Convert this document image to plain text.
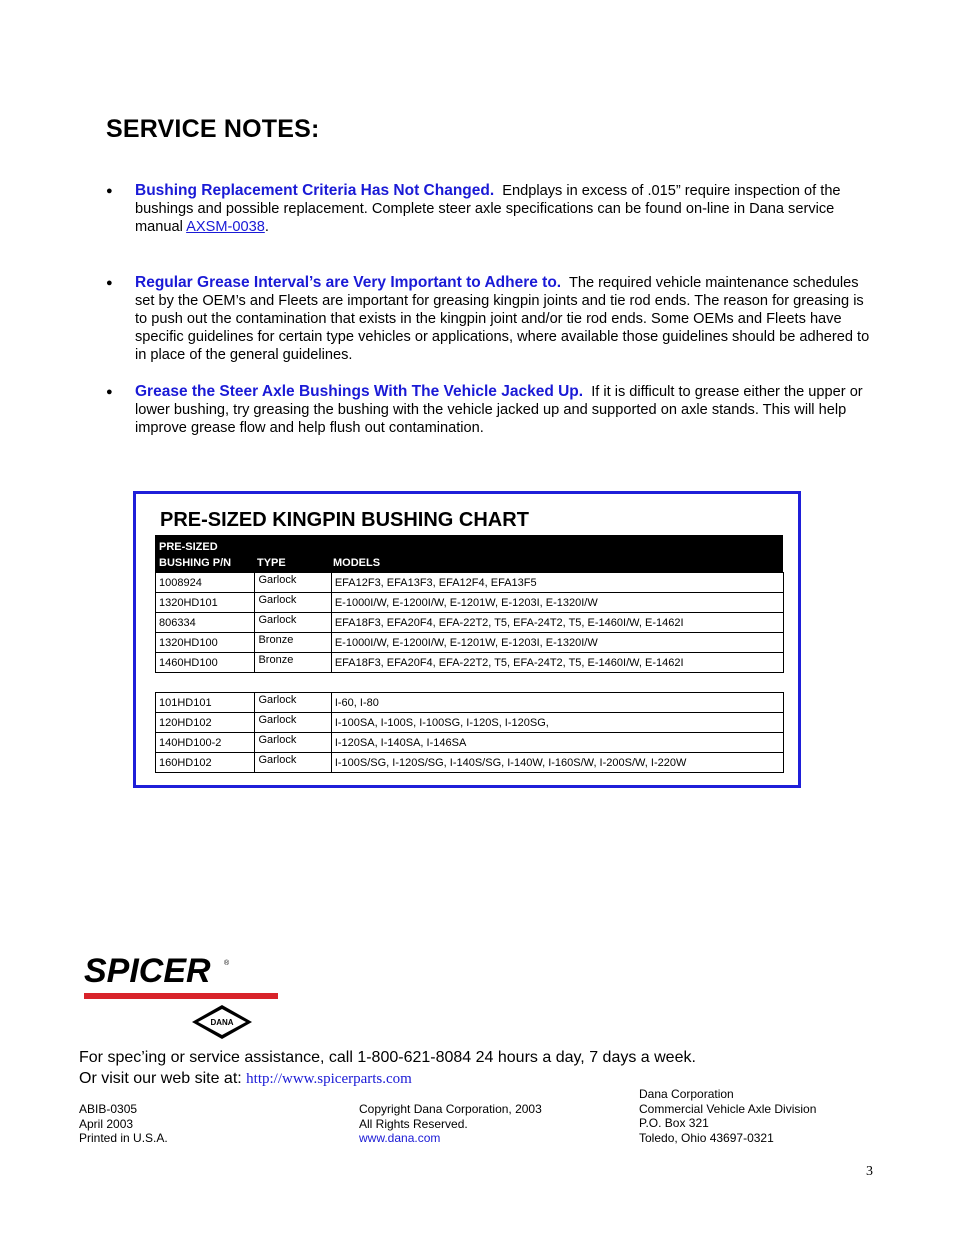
SERVICE NOTES:
● Bushing Replacement Criteria Has Not Changed. Endplays in excess of .015” require inspection of the bushings and possible replacement. Complete steer axle specifications can be found on-line in Dana service manual AXSM-0038.
● Regular Grease Interval’s are Very Important to Adhere to. The required vehicle maintenance schedules set by the OEM’s and Fleets are important for greasing kingpin joints and tie rod ends. The reason for greasing is to push out the contamination that exists in the kingpin joint and/or tie rod ends. Some OEMs and Fleets have specific guidelines for certain type vehicles or applications, where available those guidelines should be adhered to in place of the general guidelines.
● Grease the Steer Axle Bushings With The Vehicle Jacked Up. If it is difficult to grease either the upper or lower bushing, try greasing the bushing with the vehicle jacked up and supported on axle stands. This will help improve grease flow and help flush out contamination.
PRE-SIZED KINGPIN BUSHING CHART
PRE-SIZED
BUSHING P/N TYPE	MODELS
1008924	Garlock	EFA12F3, EFA13F3, EFA12F4, EFA13F5
1320HD101	Garlock	E-1000I/W, E-1200I/W, E-1201W, E-1203I, E-1320I/W
806334	Garlock	EFA18F3, EFA20F4, EFA-22T2, T5, EFA-24T2, T5, E-1460I/W, E-1462I
1320HD100	Bronze	E-1000I/W, E-1200I/W, E-1201W, E-1203I, E-1320I/W
1460HD100	Bronze	EFA18F3, EFA20F4, EFA-22T2, T5, EFA-24T2, T5, E-1460I/W, E-1462I
101HD101	Garlock	I-60, I-80
120HD102	Garlock	I-100SA, I-100S, I-100SG, I-120S, I-120SG,
140HD100-2	Garlock	I-120SA, I-140SA, I-146SA
160HD102	Garlock	I-100S/SG, I-120S/SG, I-140S/SG, I-140W, I-160S/W, I-200S/W, I-220W
SPICER ®
DANA
For spec’ing or service assistance, call 1-800-621-8084 24 hours a day, 7 days a week.
Or visit our web site at: http://www.spicerparts.com
ABIB-0305
April 2003
Printed in U.S.A.
Copyright Dana Corporation, 2003
All Rights Reserved.
www.dana.com
Dana Corporation
Commercial Vehicle Axle Division
P.O. Box 321
Toledo, Ohio 43697-0321
3
